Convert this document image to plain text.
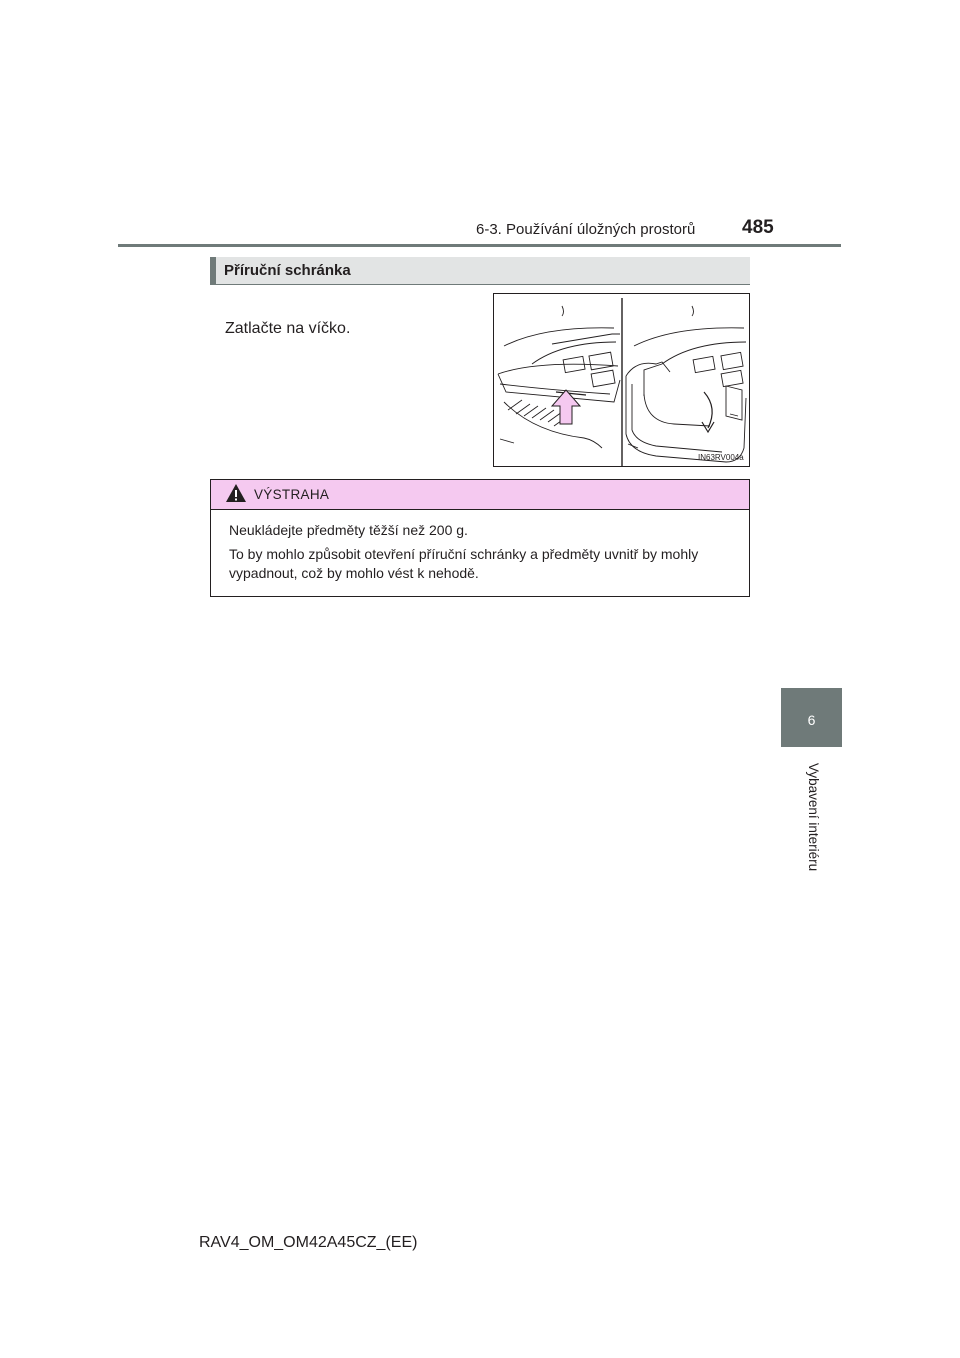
6-3. Používání úložných prostorů 485
6
Vybavení interiéru
Příruční schránka
Zatlačte na víčko.
IN63RV004a
VÝSTRAHA
Neukládejte předměty těžší než 200 g.
To by mohlo způsobit otevření příruční schránky a předměty uvnitř by mohly vypadnout, což by mohlo vést k nehodě.
RAV4_OM_OM42A45CZ_(EE)
